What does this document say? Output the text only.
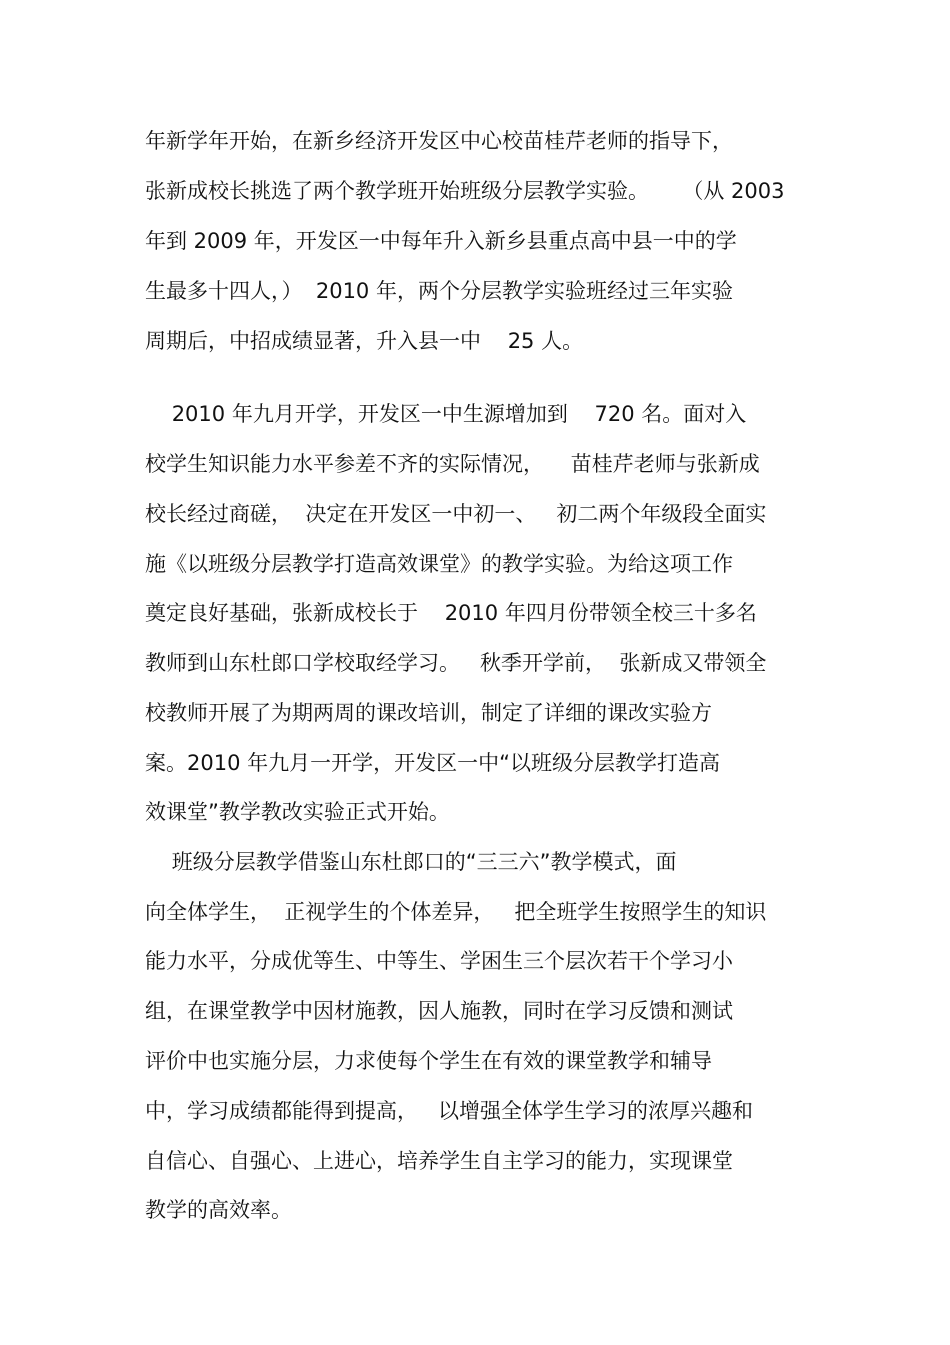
年新学年开始，在新乡经济开发区中心校苗桂芹老师的指导下，
张新成校长挑选了两个教学班开始班级分层教学实验。     （从 2003
年到 2009 年，开发区一中每年升入新乡县重点高中县一中的学
生最多十四人，）  2010 年，两个分层教学实验班经过三年实验
周期后，中招成绩显著，升入县一中    25 人。
2010 年九月开学，开发区一中生源增加到    720 名。面对入
校学生知识能力水平参差不齐的实际情况，    苗桂芹老师与张新成
校长经过商磋，  决定在开发区一中初一、   初二两个年级段全面实
施《以班级分层教学打造高效课堂》的教学实验。为给这项工作
奠定良好基础，张新成校长于    2010 年四月份带领全校三十多名
教师到山东杜郎口学校取经学习。   秋季开学前，  张新成又带领全
校教师开展了为期两周的课改培训，制定了详细的课改实验方
案。2010 年九月一开学，开发区一中“以班级分层教学打造高
效课堂”教学教改实验正式开始。
班级分层教学借鉴山东杜郎口的“三三六”教学模式，面
向全体学生，  正视学生的个体差异，   把全班学生按照学生的知识
能力水平，分成优等生、中等生、学困生三个层次若干个学习小
组，在课堂教学中因材施教，因人施教，同时在学习反馈和测试
评价中也实施分层，力求使每个学生在有效的课堂教学和辅导
中，学习成绩都能得到提高，   以增强全体学生学习的浓厚兴趣和
自信心、自强心、上进心，培养学生自主学习的能力，实现课堂
教学的高效率。
